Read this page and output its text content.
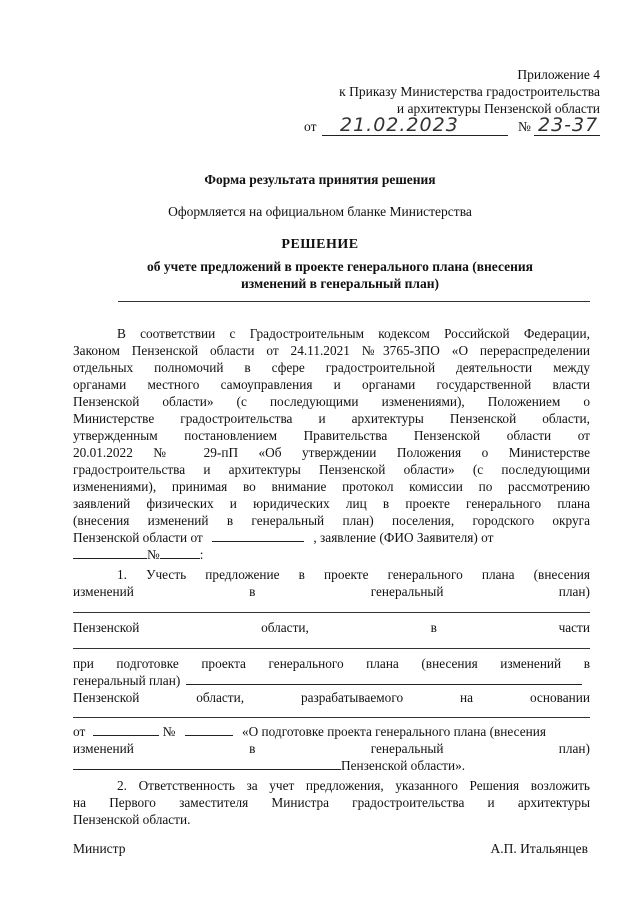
Приложение 4
к Приказу Министерства градостроительства
и архитектуры Пензенской области
от 21.02.2023	№ 23-37
Форма результата принятия решения
Оформляется на официальном бланке Министерства
РЕШЕНИЕ
об учете предложений в проекте генерального плана (внесения
изменений в генеральный план)
В соответствии с Градостроительным кодексом Российской Федерации,
Законом Пензенской области от 24.11.2021 №3765-ЗПО «О перераспределении
отдельных полномочий в сфере градостроительной деятельности между
органами местного самоуправления и органами государственной власти
Пензенской области» (с последующими изменениями), Положением о
Министерстве градостроительства и архитектуры Пензенской области,
утвержденным постановлением Правительства Пензенской области от
20.01.2022 № 29-пП «Об утверждении Положения о Министерстве
градостроительства и архитектуры Пензенской области» (с последующими
изменениями), принимая во внимание протокол комиссии по рассмотрению
заявлений физических и юридических лиц в проекте генерального плана
(внесения изменений в генеральный план) поселения, городского округа
Пензенской области от	, заявление (ФИО Заявителя) от
№	:
1. Учесть предложение в проекте генерального плана (внесения
изменений	в	генеральный	план)
Пензенской	области,	в	части
при подготовке проекта генерального плана (внесения изменений в
генеральный план)
Пензенской	области,	разрабатываемого	на	основании
от	№	«О подготовке проекта генерального плана (внесения
изменений	в	генеральный	план)
Пензенской области».
2. Ответственность за учет предложения, указанного Решения возложить
на Первого заместителя Министра градостроительства и архитектуры
Пензенской области.
Министр	А.П. Итальянцев
